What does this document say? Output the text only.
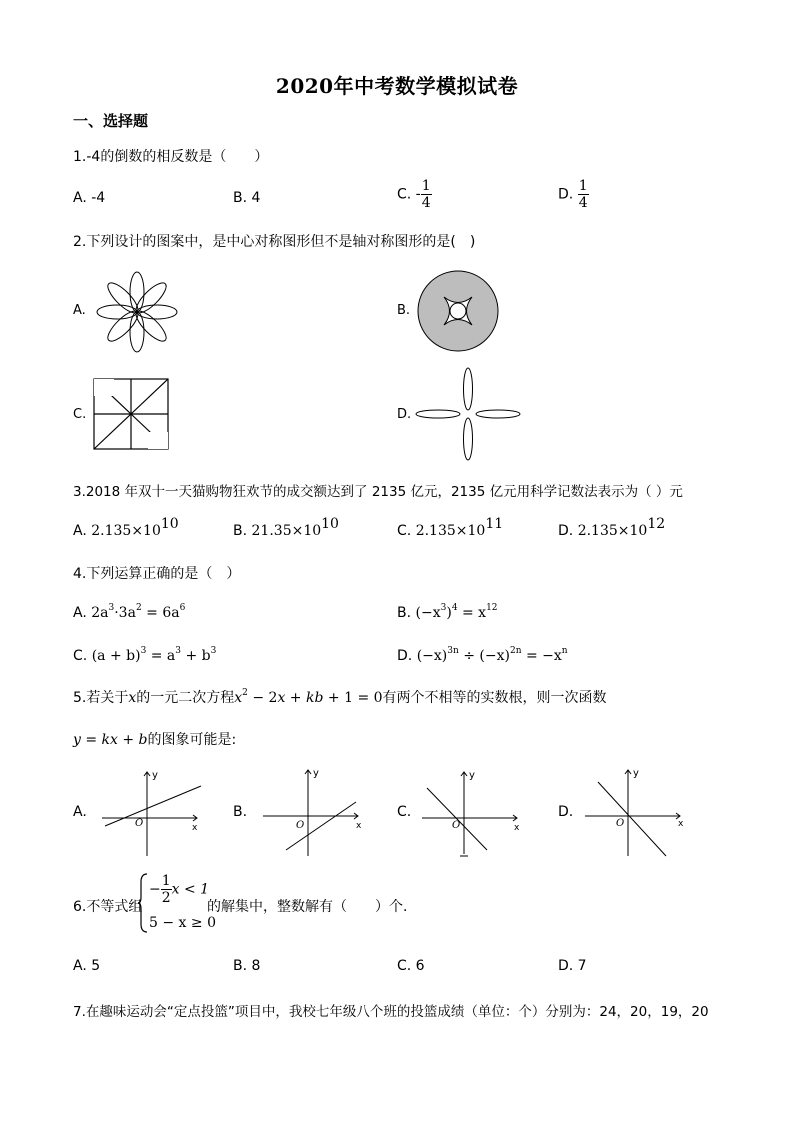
2020年中考数学模拟试卷
一、选择题
1.-4的倒数的相反数是（　　）
A. -4	B. 4	C. - $\frac{1}{4}$	D. $\frac{1}{4}$
2.下列设计的图案中，是中心对称图形但不是轴对称图形的是(　)
A.	B.
C.	D.
3.2018 年双十一天猫购物狂欢节的成交额达到了 2135 亿元，2135 亿元用科学记数法表示为（ ）元
A. $2.135\times 10^{10}$	B. $21.35\times 10^{10}$	C. $2.135\times 10^{11}$	D. $2.135\times 10^{12}$
4.下列运算正确的是（　）
A. $2a^3\cdot 3a^2 = 6a^6$	B. $(-x^3)^4 = x^{12}$
C. $(a + b)^3 = a^3 + b^3$	D. $(-x)^{3n} \div (-x)^{2n} = -x^n$
5.若关于x的一元二次方程$x^2 - 2x$ + kb + 1 = 0有两个不相等的实数根，则一次函数
y = kx + b的图象可能是:
A.
y
x
O
B.
y
x
O
C.
y
x
O
D.
y
x
O
6.不等式组
− $\frac{1}{2}$ x < 1
5 − x ≥ 0
的解集中，整数解有（　　）个.
A. 5	B. 8	C. 6	D. 7
7.在趣味运动会“定点投篮”项目中，我校七年级八个班的投篮成绩（单位：个）分别为：24，20，19，20
